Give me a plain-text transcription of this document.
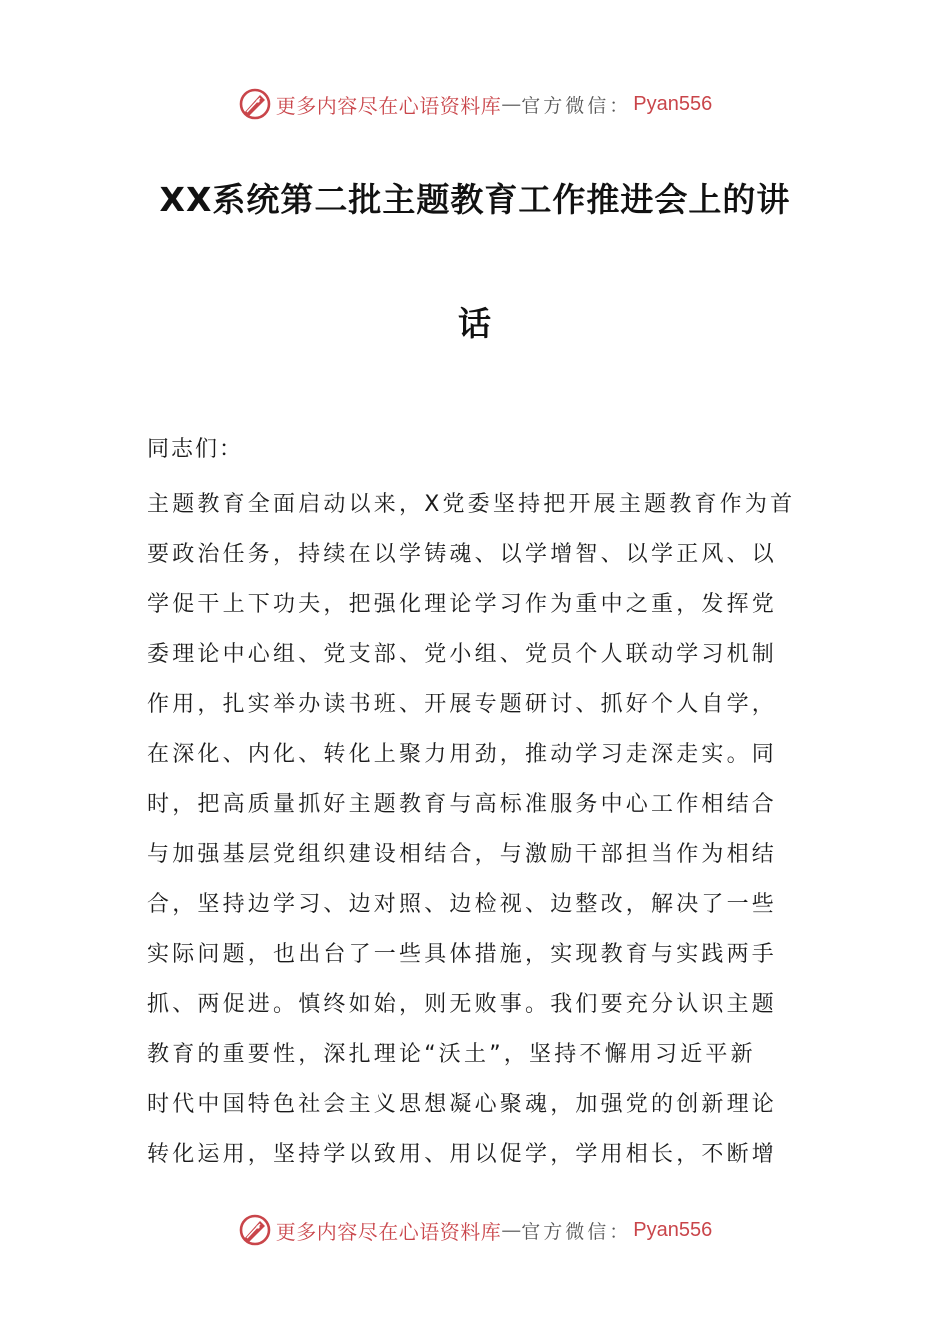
更多内容尽在心语资料库 — 官方微信： Pyan556
XX系统第二批主题教育工作推进会上的讲
话
同志们：
主题教育全面启动以来，X党委坚持把开展主题教育作为首
要政治任务，持续在以学铸魂、以学增智、以学正风、以
学促干上下功夫，把强化理论学习作为重中之重，发挥党
委理论中心组、党支部、党小组、党员个人联动学习机制
作用，扎实举办读书班、开展专题研讨、抓好个人自学，
在深化、内化、转化上聚力用劲，推动学习走深走实。同
时，把高质量抓好主题教育与高标准服务中心工作相结合
与加强基层党组织建设相结合，与激励干部担当作为相结
合，坚持边学习、边对照、边检视、边整改，解决了一些
实际问题，也出台了一些具体措施，实现教育与实践两手
抓、两促进。慎终如始，则无败事。我们要充分认识主题
教育的重要性，深扎理论“沃土”，坚持不懈用习近平新
时代中国特色社会主义思想凝心聚魂，加强党的创新理论
转化运用，坚持学以致用、用以促学，学用相长，不断增
更多内容尽在心语资料库 — 官方微信： Pyan556
